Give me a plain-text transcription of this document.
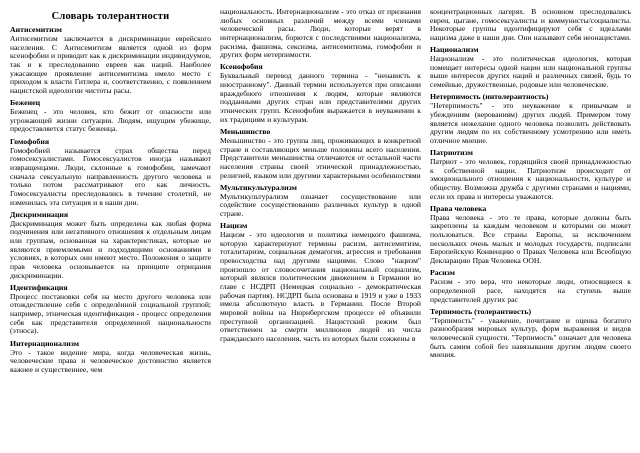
Словарь толерантности
Антисемитизм

Антисемитизм заключается в дискриминации еврейского населения. С Антисемитизм является одной из форм ксенофобии и приводит как к дискриминации индивидуумов, так и к преследованию евреев как наций. Наиболее ужасающее проявление антисемитизма имело место с приходом к власти Гитлера и, соответственно, с появлением нацистской идеологии чистоты расы.

Беженец

Беженец - это человек, кто бежит от опасности или угрожающей жизни ситуации. Людям, ищущим убежище, предоставляется статус беженца.

Гомофобия

Гомофобией называется страх общества перед гомосексуалистами. Гомосексуалистов иногда называют извращенцами. Люди, склонные к гомофобии, замечают сначала сексуальную направленность другого человека и только потом рассматривают его как личность. Гомосексуалисты преследовались в течение столетий, не изменилась эта ситуация и в наши дни.

Дискриминация

Дискриминация может быть определена как любая форма подчинения или негативного отношения к отдельным лицам или группам, основанная на характеристиках, которые не являются приемлемыми и подходящими основаниями в условиях, в которых они имеют место. Положения о защите прав человека основывается на принципе отрицания дискриминации.

Идентификация

Процесс постановки себя на место другого человека или отождествление себя с определённой социальной группой; например, этническая идентификация - процесс определения себя как представителя определенной национальности (этноса).

Интернационализм

Это - такое видение мира, когда человеческая жизнь, человеческие права и человеческое достоинство является важнее и существеннее, чем

национальность. Интернационализм - это отказ от признания любых основных различий между всеми членами человеческой расы. Люди, которые верят в интернационализм, борются с последствиями национализма, расизма, фашизма, сексизма, антисемитизма, гомофобии и других форм нетерпимости.

Ксенофобия

Буквальный перевод данного термина - "ненависть к иностранному". Данный термин используется при описании враждебного отношения к людям, которые являются подданными других стран или представителями других этнических групп. Ксенофобия выражается в неуважении к их традициям и культурам.

Меньшинство

Меньшинство - это группа лиц, проживающих в конкретной стране и составляющих меньше половины всего населения. Представители меньшинства отличаются от остальной части населения страны своей этнической принадлежностью, религией, языком или другими характерными особенностями

Мультикультурализм

Мультикультурализм означает сосуществование или содействие сосуществованию различных культур в одной стране.

Нацизм

Нацизм - это идеология и политика немецкого фашизма, которую характеризуют термины расизм, антисемитизм, тоталитаризм, социальная демагогия, агрессия и требования превосходства над другими нациями. Слово "нацизм" произошло от словосочетания национальный социализм, который являлся политическим движением в Германии во главе с НСДРП (Немецкая социально - демократическая рабочая партия). НСДРП была основана в 1919 и уже в 1933 имела абсолютную власть в Германии. После Второй мировой войны на Нюрнбергском процессе её объявили преступной организацией. Нацистский режим был ответственен за смерти миллионов людей из числа гражданского населения, часть из которых были сожжены в

концентрационных лагерях. В основном преследовались евреи, цыгане, гомосексуалисты и коммунисты/социалисты. Некоторые группы идентифицируют себя с идеалами нацизма даже в наши дни. Они называют себя неонацистами.

Национализм

Национализм - это политическая идеология, которая помещает интересы одной нации или национальной группы выше интересов других наций и различных связей, будь то семейные, дружественные, родовые или человеческие.

Нетерпимость (интолерантность)

"Нетерпимость" - это неуважение к привычкам и убеждениям (верованиям) других людей. Примером тому является нежелание одного человека позволить действовать другим людям по их собственному усмотрению или иметь отличное мнение.

Патриотизм

Патриот - это человек, гордящийся своей принадлежностью к собственной нации. Патриотизм происходит от эмоционального отношения к национальности, культуре и обществу. Возможна дружба с другими странами и нациями, если их права и интересы уважаются.

Права человека

Права человека - это те права, которые должны быть закреплены за каждым человеком и которыми он может пользоваться. Все страны Европы, за исключением нескольких очень малых и молодых государств, подписали Европейскую Конвенцию о Правах Человека или Всеобщую Декларацию Прав Человека ООН.

Расизм

Расизм - это вера, что некоторые люди, относящиеся к определенной расе, находятся на ступень выше представителей других рас

Терпимость (толерантность)

"Терпимость" - уважение, почитание и оценка богатого разнообразия мировых культур, форм выражения и видов человеческой сущности. "Терпимость" означает для человека быть самим собой без навязывания другим людям своего мнения.
